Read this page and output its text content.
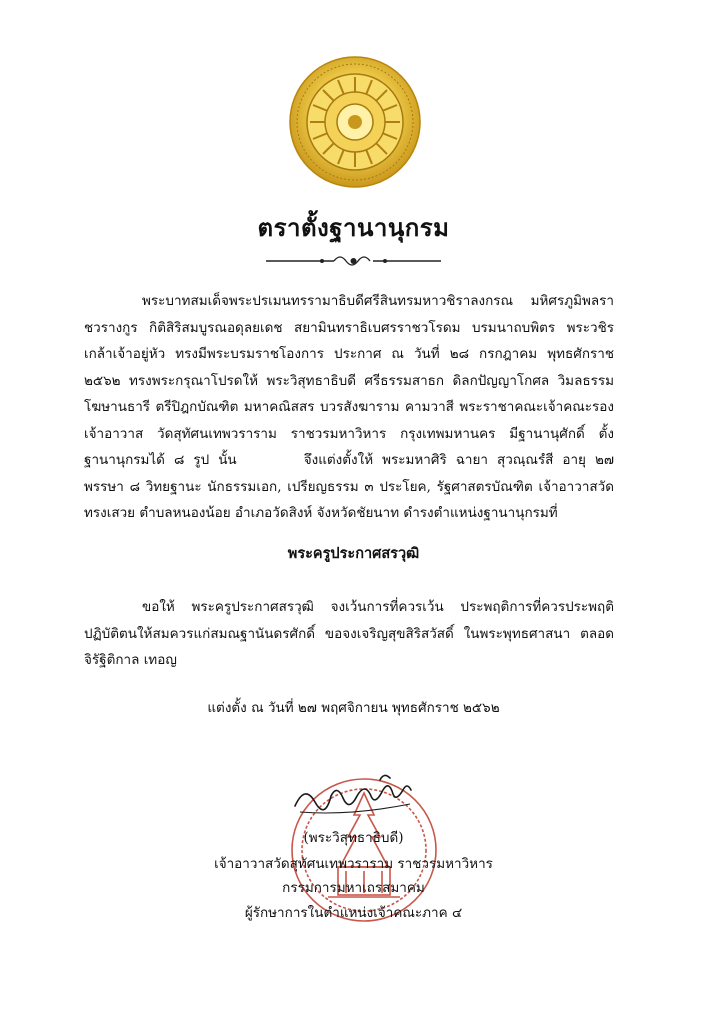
ตราตั้งฐานานุกรม
พระบาทสมเด็จพระปรเมนทรรามาธิบดีศรีสินทรมหาวชิราลงกรณ มหิศรภูมิพลราชวรางกูร กิติสิริสมบูรณอดุลยเดช สยามินทราธิเบศรราชวโรดม บรมนาถบพิตร พระวชิรเกล้าเจ้าอยู่หัว ทรงมีพระบรมราชโองการ ประกาศ ณ วันที่ ๒๘ กรกฎาคม พุทธศักราช ๒๕๖๒ ทรงพระกรุณาโปรดให้ พระวิสุทธาธิบดี ศรีธรรมสาธก ดิลกปัญญาโกศล วิมลธรรมโฆษานธารี ตรีปิฎกบัณฑิต มหาคณิสสร บวรสังฆาราม คามวาสี พระราชาคณะเจ้าคณะรอง เจ้าอาวาส วัดสุทัศนเทพวราราม ราชวรมหาวิหาร กรุงเทพมหานคร มีฐานานุศักดิ์ ตั้งฐานานุกรมได้ ๘ รูป นั้น	จึงแต่งตั้งให้ พระมหาศิริ ฉายา สุวณฺณรํสี อายุ ๒๗ พรรษา ๘ วิทยฐานะ นักธรรมเอก, เปรียญธรรม ๓ ประโยค, รัฐศาสตรบัณฑิต เจ้าอาวาสวัดทรงเสวย ตำบลหนองน้อย อำเภอวัดสิงห์ จังหวัดชัยนาท ดำรงตำแหน่งฐานานุกรมที่
พระครูประกาศสรวุฒิ
ขอให้ พระครูประกาศสรวุฒิ จงเว้นการที่ควรเว้น ประพฤติการที่ควรประพฤติ ปฏิบัติตนให้สมควรแก่สมณฐานันดรศักดิ์ ขอจงเจริญสุขสิริสวัสดิ์ ในพระพุทธศาสนา ตลอดจิรัฐิติกาล เทอญ
แต่งตั้ง ณ วันที่ ๒๗ พฤศจิกายน พุทธศักราช ๒๕๖๒
(พระวิสุทธาธิบดี)
เจ้าอาวาสวัดสุทัศนเทพวราราม ราชวรมหาวิหาร
กรรมการมหาเถรสมาคม
ผู้รักษาการในตำแหน่งเจ้าคณะภาค ๔
